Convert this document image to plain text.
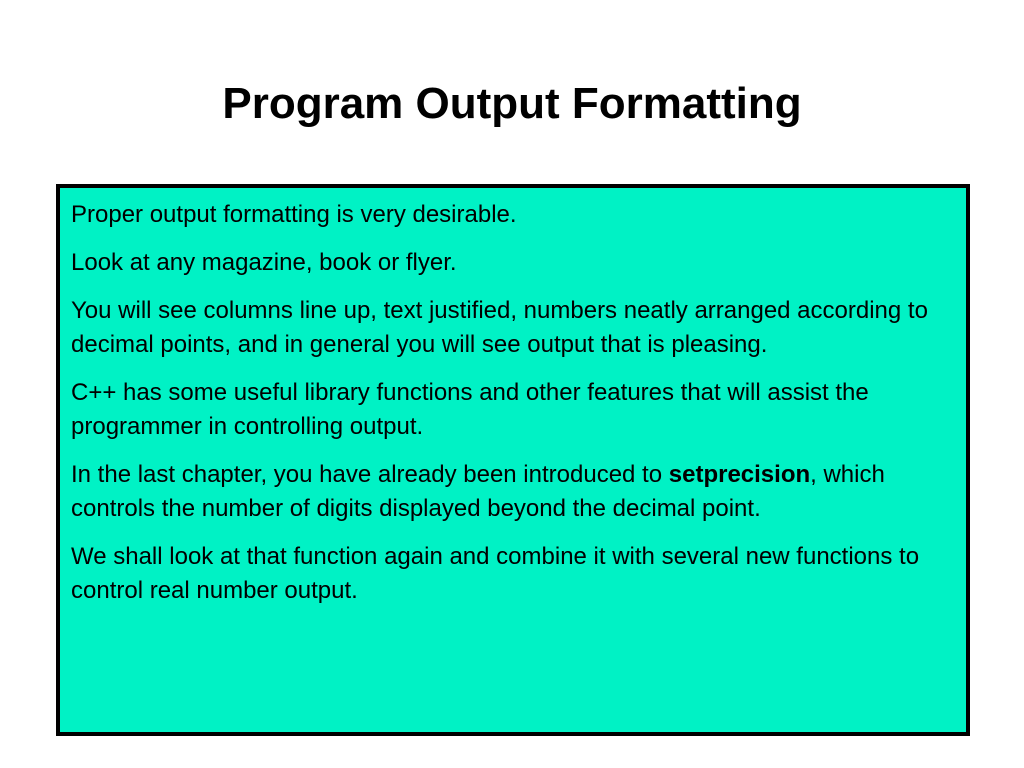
Program Output Formatting

Proper output formatting is very desirable.

Look at any magazine, book or flyer.

You will see columns line up, text justified, numbers neatly arranged according to decimal points, and in general you will see output that is pleasing.

C++ has some useful library functions and other features that will assist the programmer in controlling output.

In the last chapter, you have already been introduced to setprecision, which controls the number of digits displayed beyond the decimal point.

We shall look at that function again and combine it with several new functions to control real number output.
